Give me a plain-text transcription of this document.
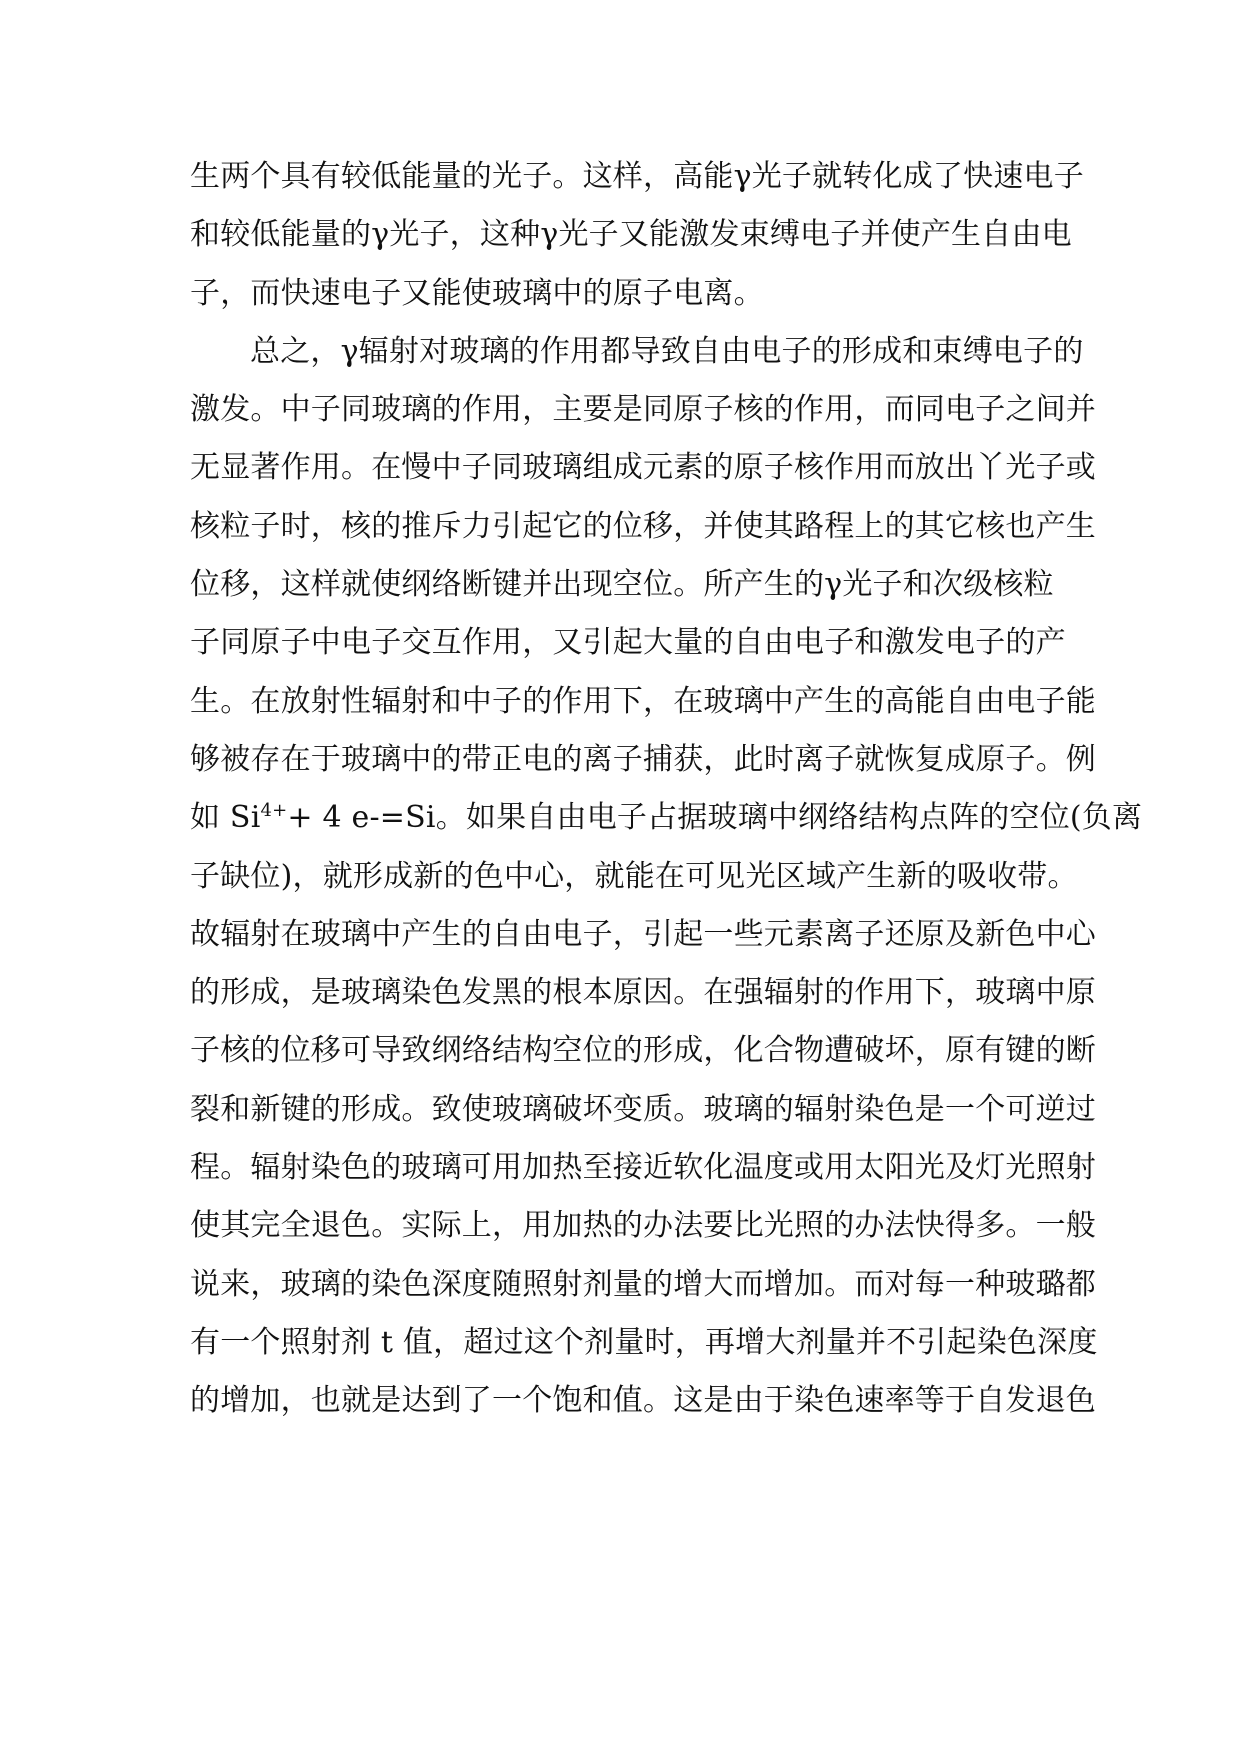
生两个具有较低能量的光子。这样，高能γ光子就转化成了快速电子
和较低能量的γ光子，这种γ光子又能激发束缚电子并使产生自由电
子，而快速电子又能使玻璃中的原子电离。
总之，γ辐射对玻璃的作用都导致自由电子的形成和束缚电子的
激发。中子同玻璃的作用，主要是同原子核的作用，而同电子之间并
无显著作用。在慢中子同玻璃组成元素的原子核作用而放出丫光子或
核粒子时，核的推斥力引起它的位移，并使其路程上的其它核也产生
位移，这样就使纲络断键并出现空位。所产生的γ光子和次级核粒
子同原子中电子交互作用，又引起大量的自由电子和激发电子的产
生。在放射性辐射和中子的作用下，在玻璃中产生的高能自由电子能
够被存在于玻璃中的带正电的离子捕获，此时离子就恢复成原子。例
如 $Si^{4+}+ 4$ e-=Si。如果自由电子占据玻璃中纲络结构点阵的空位(负离
子缺位)，就形成新的色中心，就能在可见光区域产生新的吸收带。
故辐射在玻璃中产生的自由电子，引起一些元素离子还原及新色中心
的形成，是玻璃染色发黑的根本原因。在强辐射的作用下，玻璃中原
子核的位移可导致纲络结构空位的形成，化合物遭破坏，原有键的断
裂和新键的形成。致使玻璃破坏变质。玻璃的辐射染色是一个可逆过
程。辐射染色的玻璃可用加热至接近软化温度或用太阳光及灯光照射
使其完全退色。实际上，用加热的办法要比光照的办法快得多。一般
说来，玻璃的染色深度随照射剂量的增大而增加。而对每一种玻璐都
有一个照射剂 t 值，超过这个剂量时，再增大剂量并不引起染色深度
的增加，也就是达到了一个饱和值。这是由于染色速率等于自发退色
